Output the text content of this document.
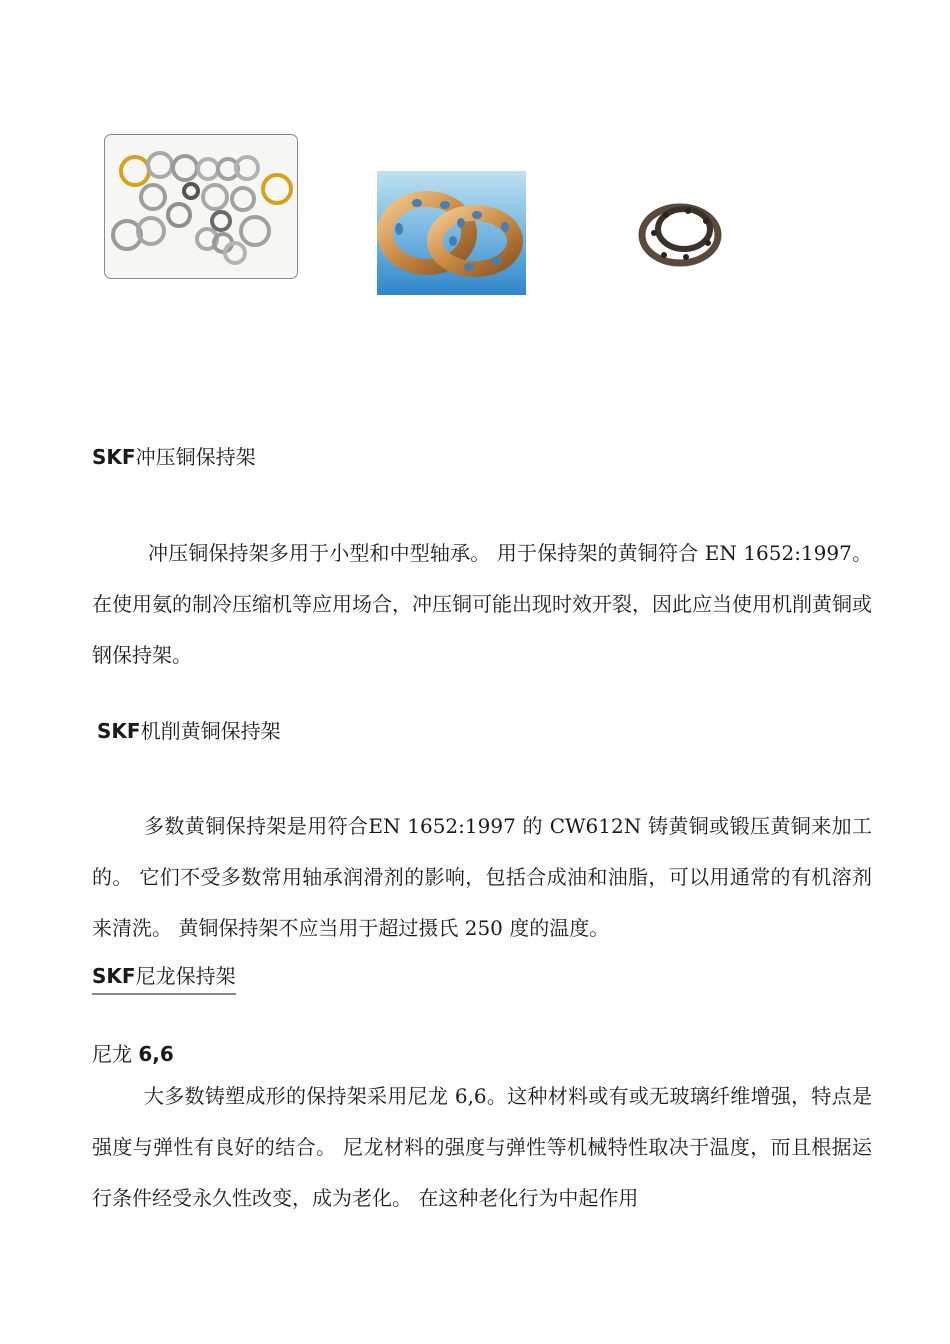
SKF冲压铜保持架
冲压铜保持架多用于小型和中型轴承。 用于保持架的黄铜符合 EN 1652:1997。 在使用氨的制冷压缩机等应用场合，冲压铜可能出现时效开裂，因此应当使用机削黄铜或钢保持架。
SKF机削黄铜保持架
多数黄铜保持架是用符合EN 1652:1997 的 CW612N 铸黄铜或锻压黄铜来加工的。 它们不受多数常用轴承润滑剂的影响，包括合成油和油脂，可以用通常的有机溶剂来清洗。 黄铜保持架不应当用于超过摄氏 250 度的温度。
SKF尼龙保持架
尼龙 6,6
大多数铸塑成形的保持架采用尼龙 6,6。这种材料或有或无玻璃纤维增强，特点是强度与弹性有良好的结合。 尼龙材料的强度与弹性等机械特性取决于温度，而且根据运行条件经受永久性改变，成为老化。 在这种老化行为中起作用
